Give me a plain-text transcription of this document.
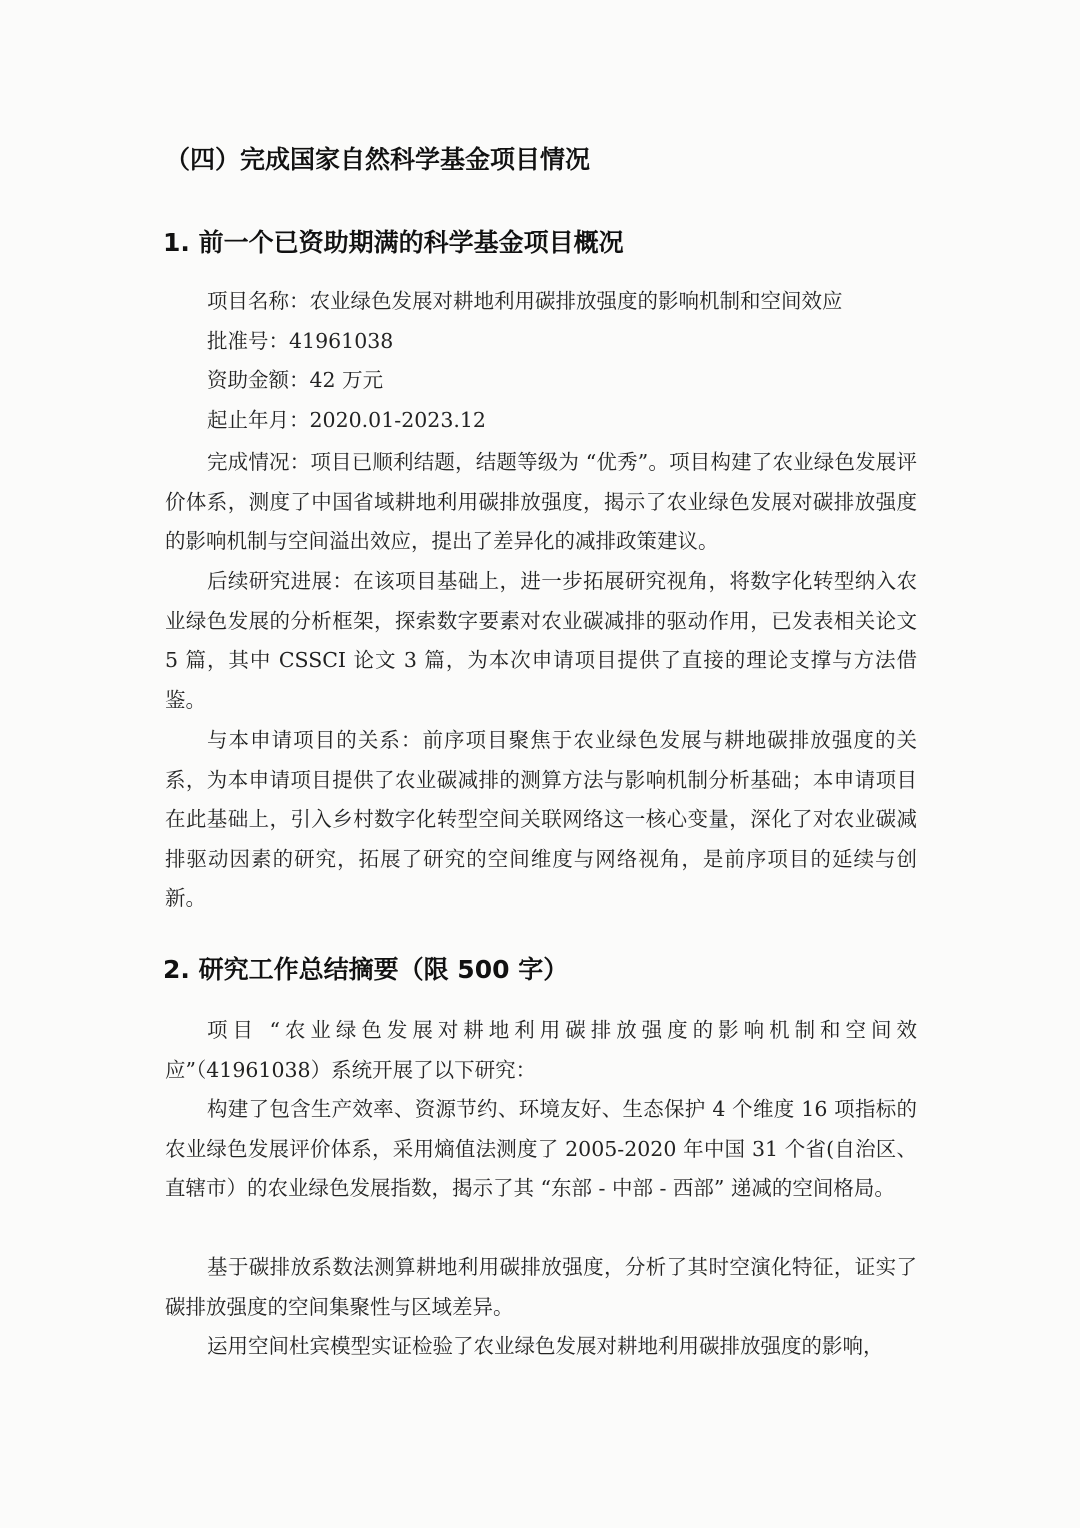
（四）完成国家自然科学基金项目情况
1. 前一个已资助期满的科学基金项目概况
项目名称：农业绿色发展对耕地利用碳排放强度的影响机制和空间效应
批准号：41961038
资助金额：42 万元
起止年月：2020.01-2023.12

完成情况：项目已顺利结题，结题等级为 “优秀”。项目构建了农业绿色发展评价体系，测度了中国省域耕地利用碳排放强度，揭示了农业绿色发展对碳排放强度的影响机制与空间溢出效应，提出了差异化的减排政策建议。

后续研究进展：在该项目基础上，进一步拓展研究视角，将数字化转型纳入农业绿色发展的分析框架，探索数字要素对农业碳减排的驱动作用，已发表相关论文 5 篇，其中 CSSCI 论文 3 篇，为本次申请项目提供了直接的理论支撑与方法借鉴。

与本申请项目的关系：前序项目聚焦于农业绿色发展与耕地碳排放强度的关系，为本申请项目提供了农业碳减排的测算方法与影响机制分析基础；本申请项目在此基础上，引入乡村数字化转型空间关联网络这一核心变量，深化了对农业碳减排驱动因素的研究，拓展了研究的空间维度与网络视角，是前序项目的延续与创新。

2. 研究工作总结摘要（限 500 字）

项目 “农业绿色发展对耕地利用碳排放强度的影响机制和空间效应”（41961038）系统开展了以下研究：

构建了包含生产效率、资源节约、环境友好、生态保护 4 个维度 16 项指标的农业绿色发展评价体系，采用熵值法测度了 2005-2020 年中国 31 个省(自治区、直辖市）的农业绿色发展指数，揭示了其 “东部 - 中部 - 西部” 递减的空间格局。

基于碳排放系数法测算耕地利用碳排放强度，分析了其时空演化特征，证实了碳排放强度的空间集聚性与区域差异。

运用空间杜宾模型实证检验了农业绿色发展对耕地利用碳排放强度的影响，
